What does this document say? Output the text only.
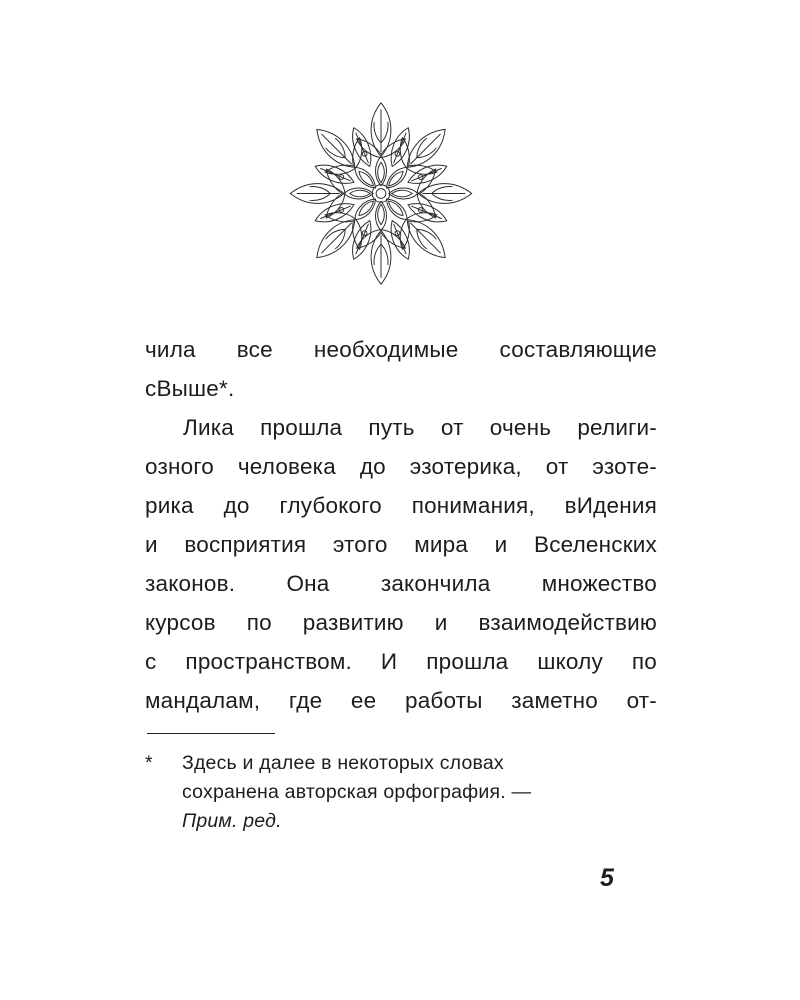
чила все необходимые составляющие
сВыше*.
Лика прошла путь от очень религи-
озного человека до эзотерика, от эзоте-
рика до глубокого понимания, вИдения
и восприятия этого мира и Вселенских
законов. Она закончила множество
курсов по развитию и взаимодействию
с пространством. И прошла школу по
мандалам, где ее работы заметно от-
*	Здесь и далее в некоторых словах
сохранена авторская орфография. —
Прим. ред.
5
